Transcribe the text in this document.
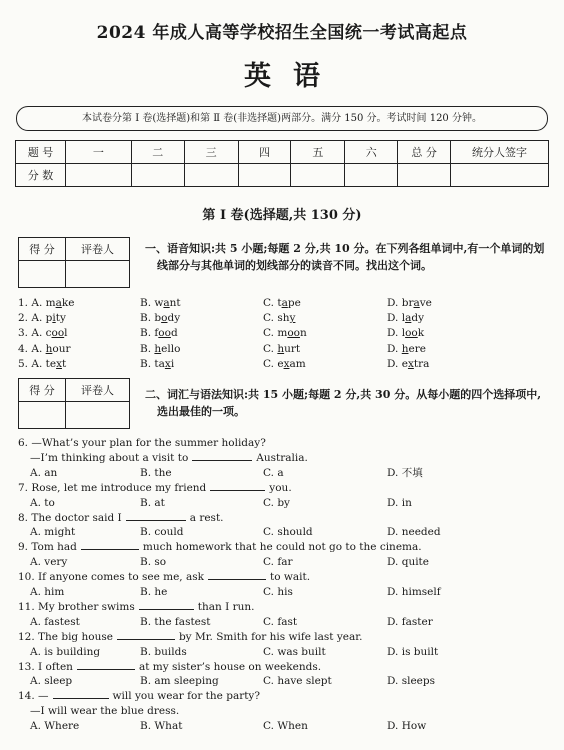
2024 年成人高等学校招生全国统一考试高起点
英语
本试卷分第 Ⅰ 卷(选择题)和第 Ⅱ 卷(非选择题)两部分。满分 150 分。考试时间 120 分钟。
题 号	一	二	三	四	五	六	总 分	统分人签字
分 数								
第 Ⅰ 卷(选择题,共 130 分)
得 分	评卷人
		一、语音知识:共 5 小题;每题 2 分,共 10 分。在下列各组单词中,有一个单词的划线部分与其他单词的划线部分的读音不同。找出这个词。
1. A. make	B. want	C. tape	D. brave
2. A. pity	B. body	C. shy	D. lady
3. A. cool	B. food	C. moon	D. look
4. A. hour	B. hello	C. hurt	D. here
5. A. text	B. taxi	C. exam	D. extra
得 分	评卷人
		二、词汇与语法知识:共 15 小题;每题 2 分,共 30 分。从每小题的四个选择项中,选出最佳的一项。
6. —What’s your plan for the summer holiday?
—I’m thinking about a visit to	Australia.
A. an	B. the	C. a	D. 不填
7. Rose, let me introduce my friend	you.
A. to	B. at	C. by	D. in
8. The doctor said I	a rest.
A. might	B. could	C. should	D. needed
9. Tom had	much homework that he could not go to the cinema.
A. very	B. so	C. far	D. quite
10. If anyone comes to see me, ask	to wait.
A. him	B. he	C. his	D. himself
11. My brother swims	than I run.
A. fastest	B. the fastest	C. fast	D. faster
12. The big house	by Mr. Smith for his wife last year.
A. is building	B. builds	C. was built	D. is built
13. I often	at my sister’s house on weekends.
A. sleep	B. am sleeping	C. have slept	D. sleeps
14. —	will you wear for the party?
—I will wear the blue dress.
A. Where	B. What	C. When	D. How
